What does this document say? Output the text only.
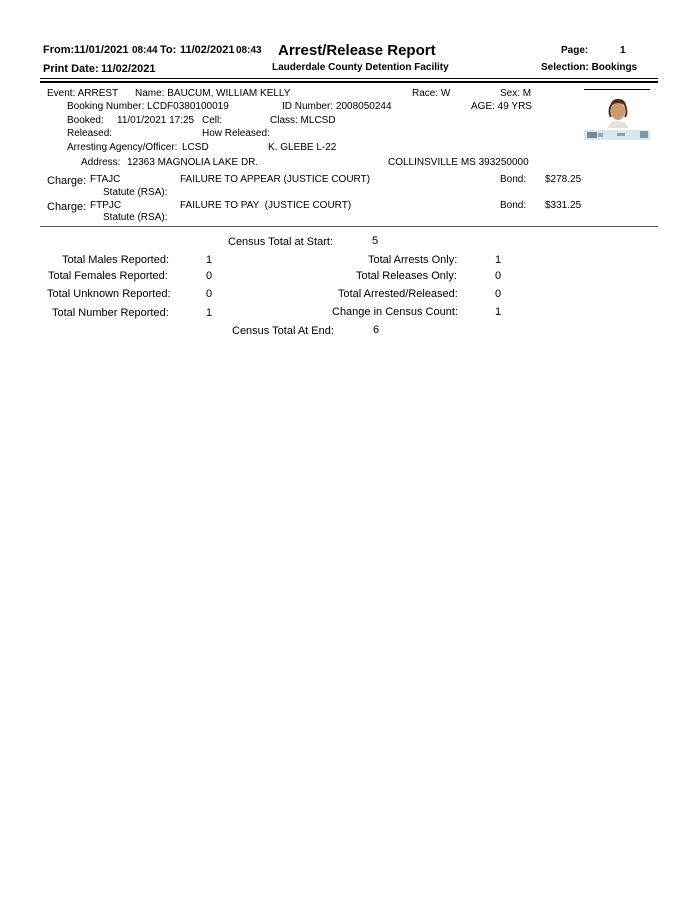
From: 11/01/2021 08:44 To: 11/02/2021 08:43 Arrest/Release Report	Page:	1
Print Date: 11/02/2021	Lauderdale County Detention Facility	Selection: Bookings
Event: ARREST Name: BAUCUM, WILLIAM KELLY	Race: W	Sex: M
Booking Number: LCDF0380100019	ID Number: 2008050244	AGE: 49 YRS
Booked: 11/01/2021 17:25 Cell:	Class: MLCSD
Released:	How Released:
Arresting Agency/Officer: LCSD	K. GLEBE L-22
Address: 12363 MAGNOLIA LAKE DR.	COLLINSVILLE MS 393250000
Charge: FTAJC	FAILURE TO APPEAR (JUSTICE COURT)	Bond: $278.25
Statute (RSA):
Charge: FTPJC	FAILURE TO PAY  (JUSTICE COURT)	Bond: $331.25
Statute (RSA):
Census Total at Start:	5
Total Males Reported:	1	Total Arrests Only:	1
Total Females Reported:	0	Total Releases Only:	0
Total Unknown Reported:	0	Total Arrested/Released:	0
Total Number Reported:	1	Change in Census Count:	1
Census Total At End:	6
